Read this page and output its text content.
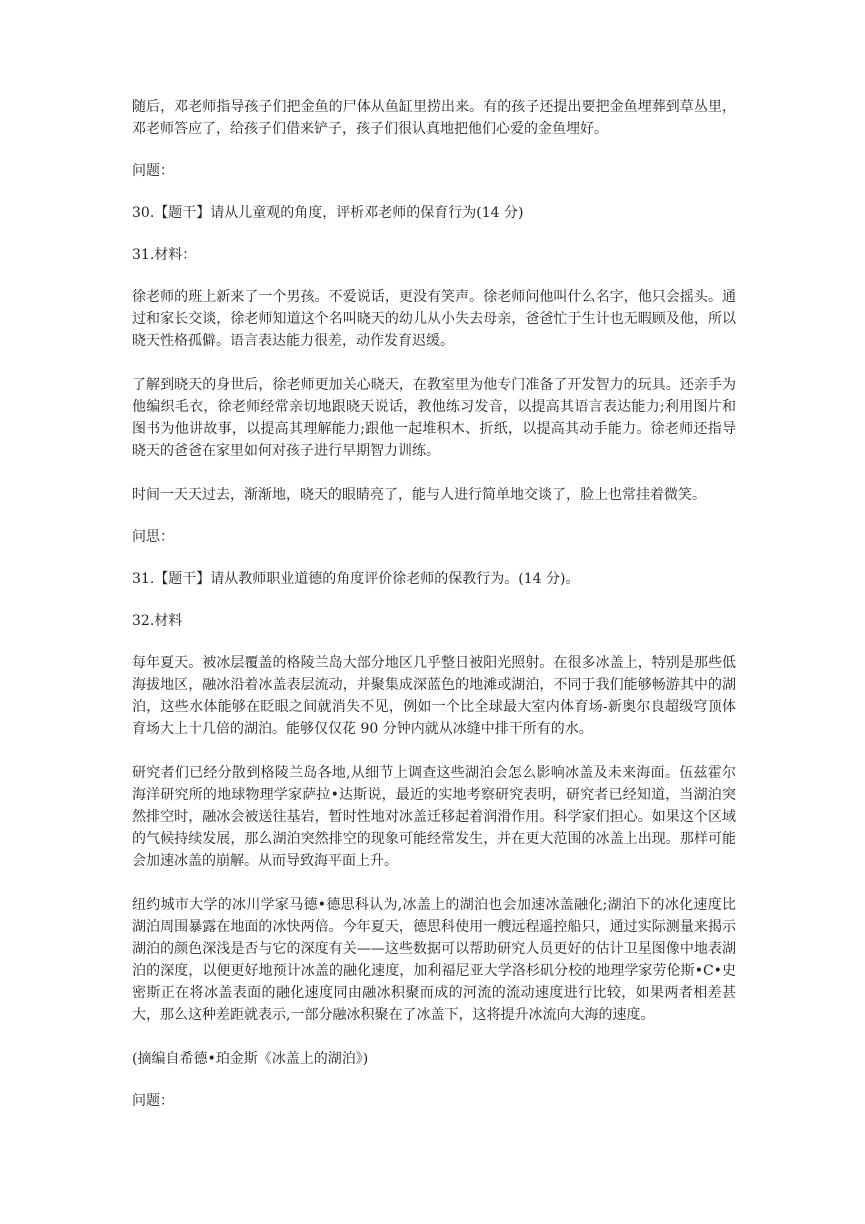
随后，邓老师指导孩子们把金鱼的尸体从鱼缸里捞出来。有的孩子还提出要把金鱼埋葬到草丛里，邓老师答应了，给孩子们借来铲子，孩子们很认真地把他们心爱的金鱼埋好。

问题：

30.【题干】请从儿童观的角度，评析邓老师的保育行为(14 分)

31.材料：

徐老师的班上新来了一个男孩。不爱说话，更没有笑声。徐老师问他叫什么名字，他只会摇头。通过和家长交谈，徐老师知道这个名叫晓天的幼儿从小失去母亲，爸爸忙于生计也无暇顾及他，所以晓天性格孤僻。语言表达能力很差，动作发育迟缓。

了解到晓天的身世后，徐老师更加关心晓天，在教室里为他专门准备了开发智力的玩具。还亲手为他编织毛衣，徐老师经常亲切地跟晓天说话，教他练习发音，以提高其语言表达能力;利用图片和图书为他讲故事，以提高其理解能力;跟他一起堆积木、折纸，以提高其动手能力。徐老师还指导晓天的爸爸在家里如何对孩子进行早期智力训练。

时间一天天过去，渐渐地，晓天的眼睛亮了，能与人进行简单地交谈了，脸上也常挂着微笑。

问思：

31.【题干】请从教师职业道德的角度评价徐老师的保教行为。(14 分)。

32.材料

每年夏天。被冰层覆盖的格陵兰岛大部分地区几乎整日被阳光照射。在很多冰盖上，特别是那些低海拔地区，融冰沿着冰盖表层流动，并聚集成深蓝色的地滩或湖泊，不同于我们能够畅游其中的湖泊，这些水体能够在眨眼之间就消失不见，例如一个比全球最大室内体育场-新奥尔良超级穹顶体育场大上十几倍的湖泊。能够仅仅花 90 分钟内就从冰缝中排干所有的水。

研究者们已经分散到格陵兰岛各地,从细节上调查这些湖泊会怎么影响冰盖及未来海面。伍兹霍尔海洋研究所的地球物理学家萨拉•达斯说，最近的实地考察研究表明，研究者已经知道，当湖泊突然排空时，融冰会被送往基岩，暂时性地对冰盖迁移起着润滑作用。科学家们担心。如果这个区域的气候持续发展，那么湖泊突然排空的现象可能经常发生，并在更大范围的冰盖上出现。那样可能会加速冰盖的崩解。从而导致海平面上升。

纽约城市大学的冰川学家马德•德思科认为,冰盖上的湖泊也会加速冰盖融化;湖泊下的冰化速度比湖泊周围暴露在地面的冰快两倍。今年夏天，德思科使用一艘远程遥控船只，通过实际测量来揭示湖泊的颜色深浅是否与它的深度有关——这些数据可以帮助研究人员更好的估计卫星图像中地表湖泊的深度，以便更好地预计冰盖的融化速度，加利福尼亚大学洛杉矶分校的地理学家劳伦斯•C•史密斯正在将冰盖表面的融化速度同由融冰积聚而成的河流的流动速度进行比较，如果两者相差甚大，那么这种差距就表示,一部分融冰积聚在了冰盖下，这将提升冰流向大海的速度。

(摘编自希德•珀金斯《冰盖上的湖泊》)

问题：
